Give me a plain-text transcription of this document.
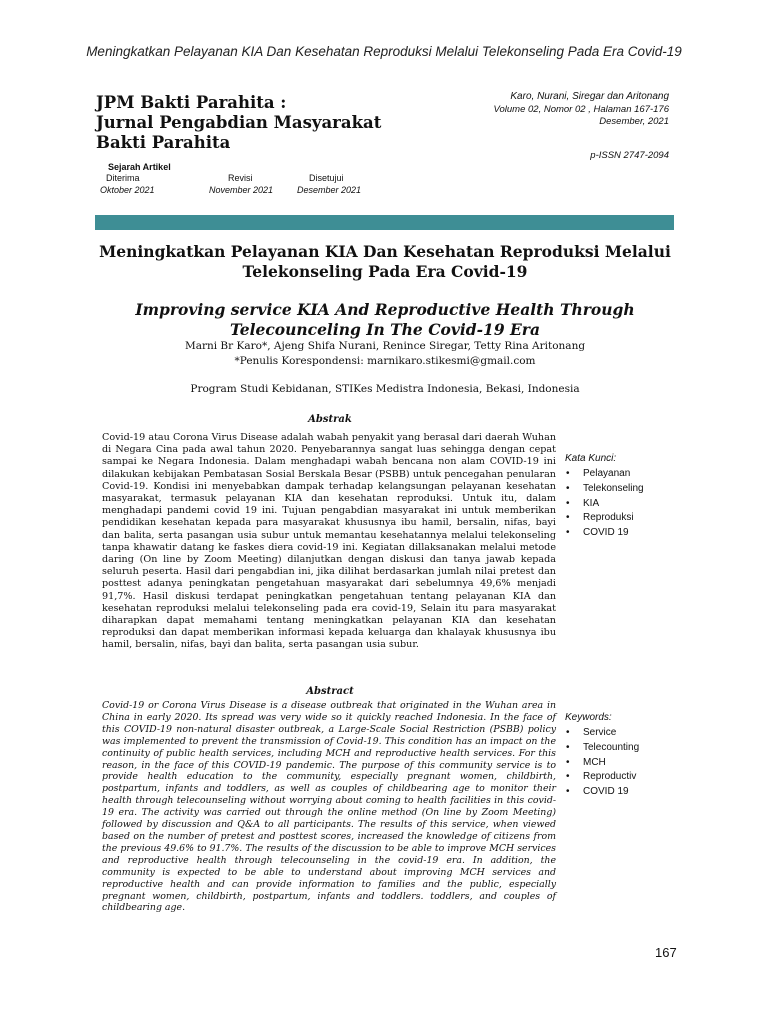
Meningkatkan Pelayanan KIA Dan Kesehatan Reproduksi Melalui Telekonseling Pada Era Covid-19
JPM Bakti Parahita :
Jurnal Pengabdian Masyarakat
Bakti Parahita
Karo, Nurani, Siregar dan Aritonang
Volume 02, Nomor 02 , Halaman 167-176
Desember, 2021
p-ISSN 2747-2094
Sejarah Artikel
Diterima	Revisi	Disetujui
Oktober 2021	November 2021	Desember 2021
Meningkatkan Pelayanan KIA Dan Kesehatan Reproduksi Melalui
Telekonseling Pada Era Covid-19
Improving service KIA And Reproductive Health Through
Telecounceling In The Covid-19 Era
Marni Br Karo*, Ajeng Shifa Nurani, Renince Siregar, Tetty Rina Aritonang
*Penulis Korespondensi: marnikaro.stikesmi@gmail.com
Program Studi Kebidanan, STIKes Medistra Indonesia, Bekasi, Indonesia
Abstrak
Covid-19 atau Corona Virus Disease adalah wabah penyakit yang berasal dari daerah Wuhan di Negara Cina pada awal tahun 2020. Penyebarannya sangat luas sehingga dengan cepat sampai ke Negara Indonesia. Dalam menghadapi wabah bencana non alam COVID-19 ini dilakukan kebijakan Pembatasan Sosial Berskala Besar (PSBB) untuk pencegahan penularan Covid-19. Kondisi ini menyebabkan dampak terhadap kelangsungan pelayanan kesehatan masyarakat, termasuk pelayanan KIA dan kesehatan reproduksi. Untuk itu, dalam menghadapi pandemi covid 19 ini. Tujuan pengabdian masyarakat ini untuk memberikan pendidikan kesehatan kepada para masyarakat khususnya ibu hamil, bersalin, nifas, bayi dan balita, serta pasangan usia subur untuk memantau kesehatannya melalui telekonseling tanpa khawatir datang ke faskes diera covid-19 ini. Kegiatan dillaksanakan melalui metode daring (On line by Zoom Meeting) dilanjutkan dengan diskusi dan tanya jawab kepada seluruh peserta. Hasil dari pengabdian ini, jika dilihat berdasarkan jumlah nilai pretest dan posttest adanya peningkatan pengetahuan masyarakat dari sebelumnya 49,6% menjadi 91,7%. Hasil diskusi terdapat peningkatkan pengetahuan tentang pelayanan KIA dan kesehatan reproduksi melalui telekonseling pada era covid-19, Selain itu para masyarakat diharapkan dapat memahami tentang meningkatkan pelayanan KIA dan kesehatan reproduksi dan dapat memberikan informasi kepada keluarga dan khalayak khususnya ibu hamil, bersalin, nifas, bayi dan balita, serta pasangan usia subur.
Kata Kunci:
• Pelayanan
• Telekonseling
• KIA
• Reproduksi
• COVID 19
Abstract
Covid-19 or Corona Virus Disease is a disease outbreak that originated in the Wuhan area in China in early 2020. Its spread was very wide so it quickly reached Indonesia. In the face of this COVID-19 non-natural disaster outbreak, a Large-Scale Social Restriction (PSBB) policy was implemented to prevent the transmission of Covid-19. This condition has an impact on the continuity of public health services, including MCH and reproductive health services. For this reason, in the face of this COVID-19 pandemic. The purpose of this community service is to provide health education to the community, especially pregnant women, childbirth, postpartum, infants and toddlers, as well as couples of childbearing age to monitor their health through telecounseling without worrying about coming to health facilities in this covid-19 era. The activity was carried out through the online method (On line by Zoom Meeting) followed by discussion and Q&A to all participants. The results of this service, when viewed based on the number of pretest and posttest scores, increased the knowledge of citizens from the previous 49.6% to 91.7%. The results of the discussion to be able to improve MCH services and reproductive health through telecounseling in the covid-19 era. In addition, the community is expected to be able to understand about improving MCH services and reproductive health and can provide information to families and the public, especially pregnant women, childbirth, postpartum, infants and toddlers. toddlers, and couples of childbearing age.
Keywords:
• Service
• Telecounting
• MCH
• Reproductiv
• COVID 19
167
